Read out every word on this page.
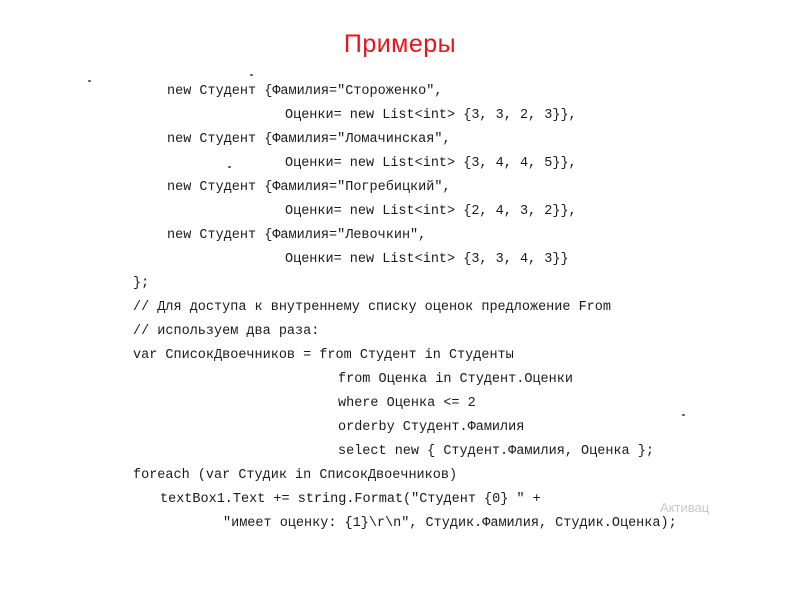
Примеры
new Студент {Фамилия="Стороженко",
Оценки= new List<int> {3, 3, 2, 3}},
new Студент {Фамилия="Ломачинская",
Оценки= new List<int> {3, 4, 4, 5}},
new Студент {Фамилия="Погребицкий",
Оценки= new List<int> {2, 4, 3, 2}},
new Студент {Фамилия="Левочкин",
Оценки= new List<int> {3, 3, 4, 3}}
};
// Для доступа к внутреннему списку оценок предложение From
// используем два раза:
var СписокДвоечников = from Студент in Студенты
from Оценка in Студент.Оценки
where Оценка <= 2
orderby Студент.Фамилия
select new { Студент.Фамилия, Оценка };
foreach (var Студик in СписокДвоечников)
textBox1.Text += string.Format("Студент {0} " +
"имеет оценку: {1}\r\n", Студик.Фамилия, Студик.Оценка);
Активац
